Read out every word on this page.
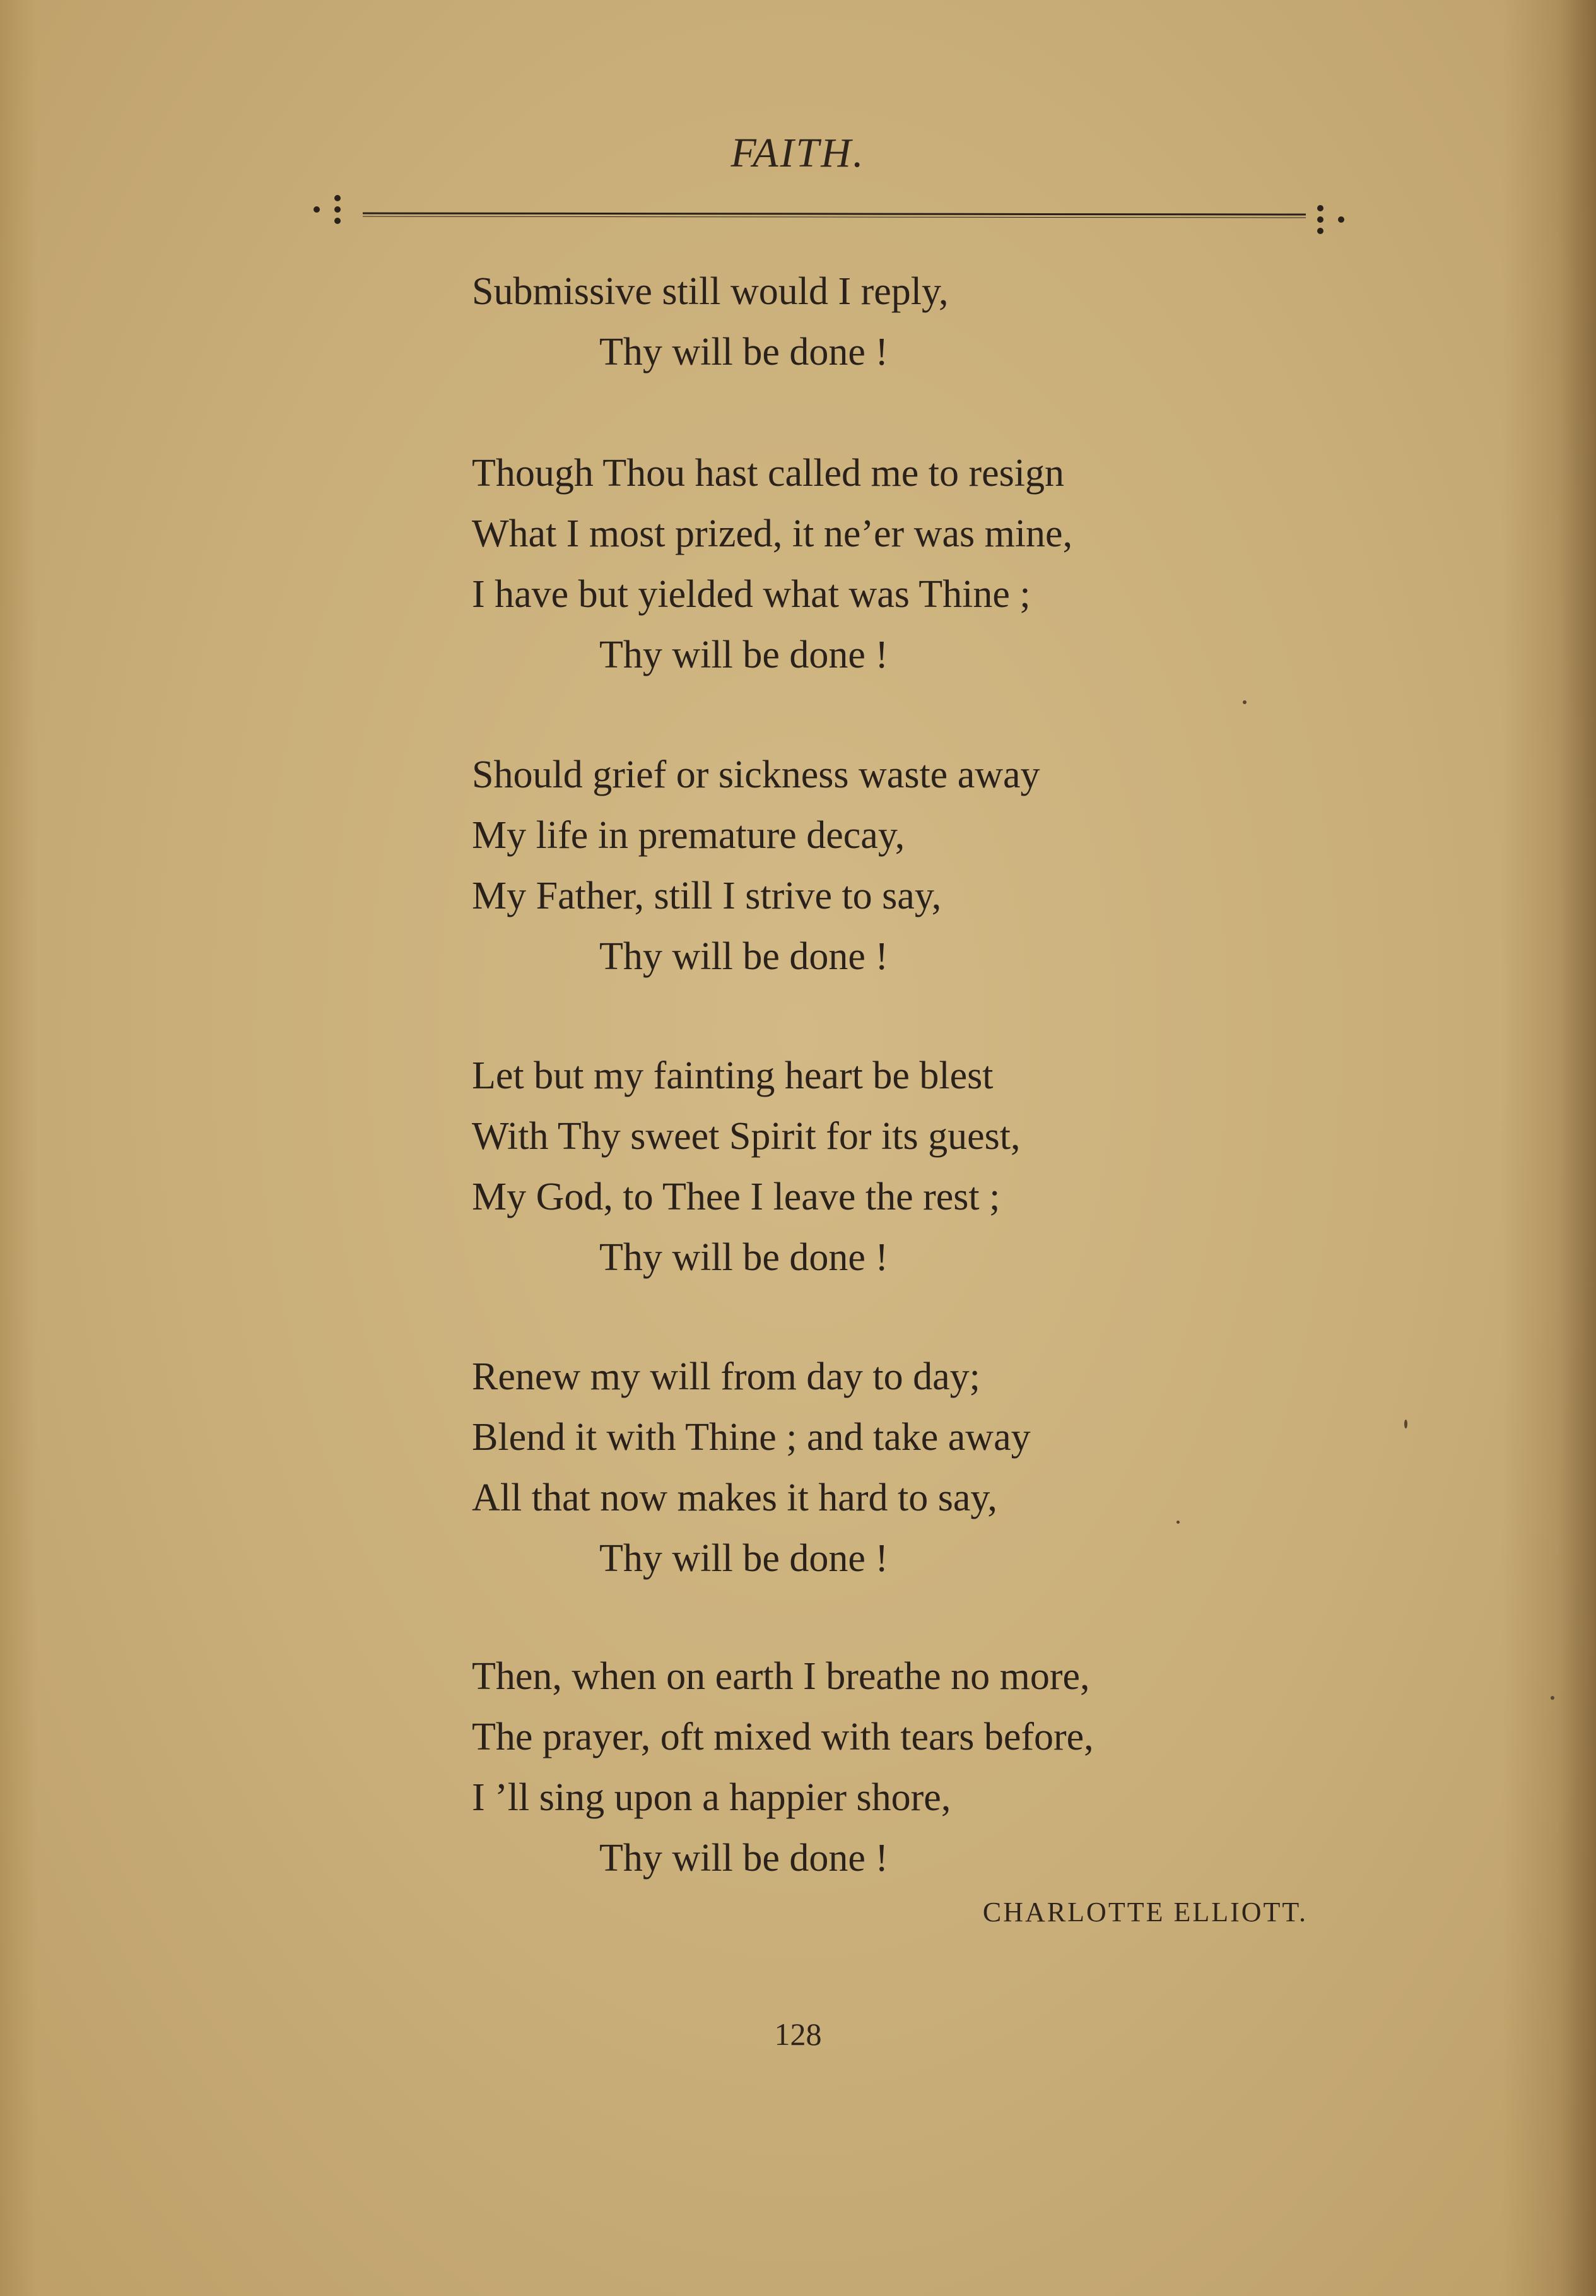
FAITH.
Submissive still would I reply,
Thy will be done !
Though Thou hast called me to resign
What I most prized, it ne’er was mine,
I have but yielded what was Thine ;
Thy will be done !
Should grief or sickness waste away
My life in premature decay,
My Father, still I strive to say,
Thy will be done !
Let but my fainting heart be blest
With Thy sweet Spirit for its guest,
My God, to Thee I leave the rest ;
Thy will be done !
Renew my will from day to day;
Blend it with Thine ; and take away
All that now makes it hard to say,
Thy will be done !
Then, when on earth I breathe no more,
The prayer, oft mixed with tears before,
I ’ll sing upon a happier shore,
Thy will be done !
CHARLOTTE ELLIOTT.
128
